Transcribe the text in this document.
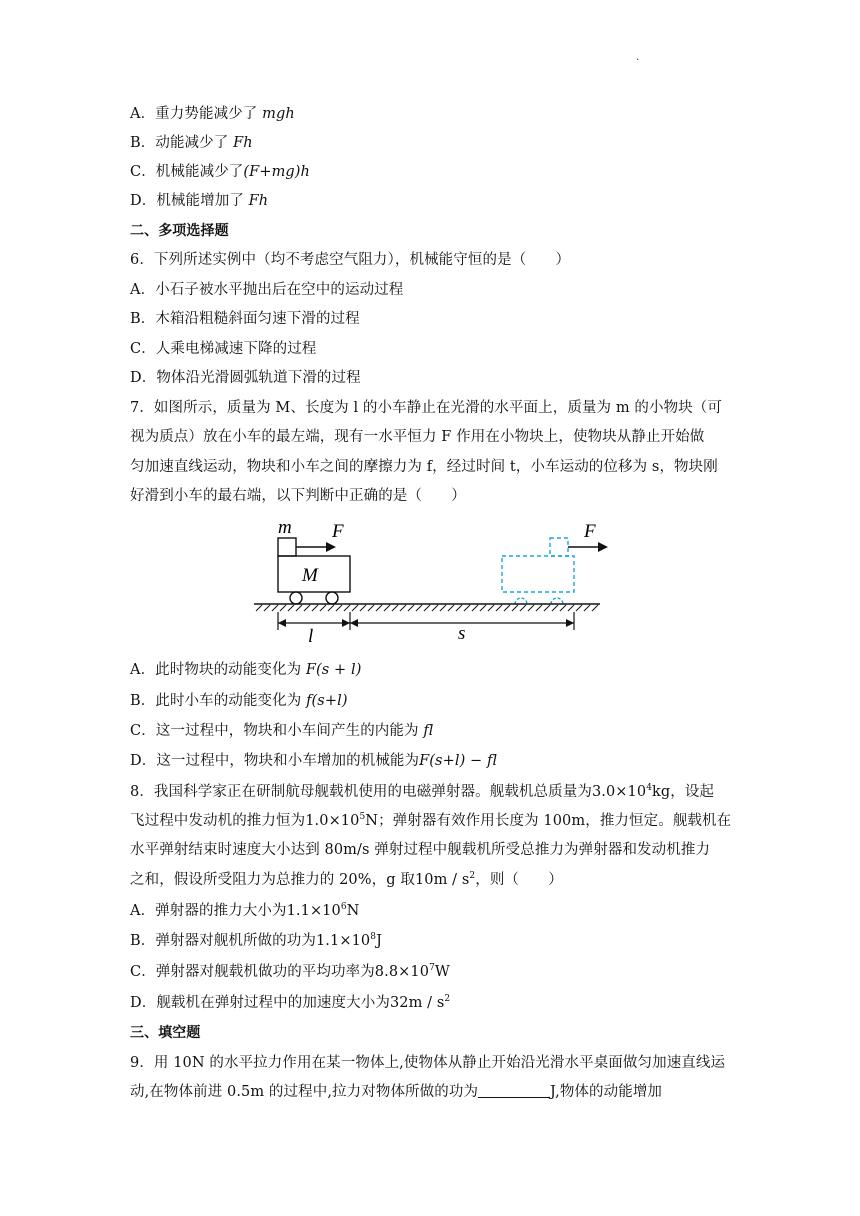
.
A．重力势能减少了 mgh
B．动能减少了 Fh
C．机械能减少了(F+mg)h
D．机械能增加了 Fh
二、多项选择题
6．下列所述实例中（均不考虑空气阻力），机械能守恒的是（　　）
A．小石子被水平抛出后在空中的运动过程
B．木箱沿粗糙斜面匀速下滑的过程
C．人乘电梯减速下降的过程
D．物体沿光滑圆弧轨道下滑的过程
7．如图所示，质量为 M、长度为 l 的小车静止在光滑的水平面上，质量为 m 的小物块（可
视为质点）放在小车的最左端，现有一水平恒力 F 作用在小物块上，使物块从静止开始做
匀加速直线运动，物块和小车之间的摩擦力为 f，经过时间 t，小车运动的位移为 s，物块刚
好滑到小车的最右端，以下判断中正确的是（　　）
m F
M
F
l	s
A．此时物块的动能变化为 F(s + l)
B．此时小车的动能变化为 f(s+l)
C．这一过程中，物块和小车间产生的内能为 fl
D．这一过程中，物块和小车增加的机械能为F(s+l) − fl
8．我国科学家正在研制航母舰载机使用的电磁弹射器。舰载机总质量为$3.0\times 10^4kg$，设起
飞过程中发动机的推力恒为$1.0\times 10^5N$；弹射器有效作用长度为 100m，推力恒定。舰载机在
水平弹射结束时速度大小达到 80m/s 弹射过程中舰载机所受总推力为弹射器和发动机推力
之和，假设所受阻力为总推力的 20%，g 取$10m / s^2$，则（　　）
A．弹射器的推力大小为$1.1\times 10^6N$
B．弹射器对舰机所做的功为$1.1\times 10^8J$
C．弹射器对舰载机做功的平均功率为$8.8\times 10^7W$
D．舰载机在弹射过程中的加速度大小为$32m / s^2$
三、填空题
9．用 10N 的水平拉力作用在某一物体上,使物体从静止开始沿光滑水平桌面做匀加速直线运
动,在物体前进 0.5m 的过程中,拉力对物体所做的功为	J,物体的动能增加
